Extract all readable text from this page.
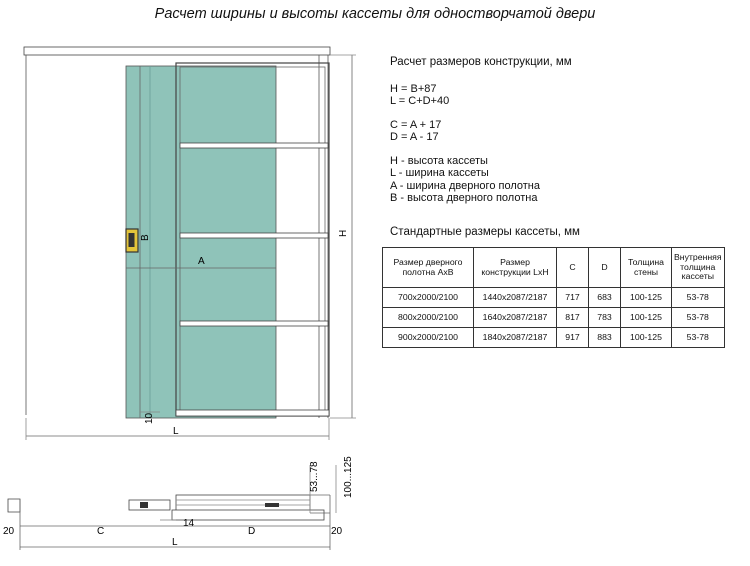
Расчет ширины и высоты кассеты для одностворчатой двери
B
A
H
10
L
20	C
14
D	20
L
53...78 100...125
Расчет размеров конструкции, мм

H = B+87

L = C+D+40

C = A + 17

D = A - 17

H - высота кассеты

L - ширина кассеты

A - ширина дверного полотна

B - высота дверного полотна

Стандартные размеры кассеты, мм
Размер дверного полотна AxB	Размер конструкции LxH	C	D	Толщина стены	Внутренняя толщина кассеты
700x2000/2100	1440x2087/2187	717	683	100-125	53-78
800x2000/2100	1640x2087/2187	817	783	100-125	53-78
900x2000/2100	1840x2087/2187	917	883	100-125	53-78
